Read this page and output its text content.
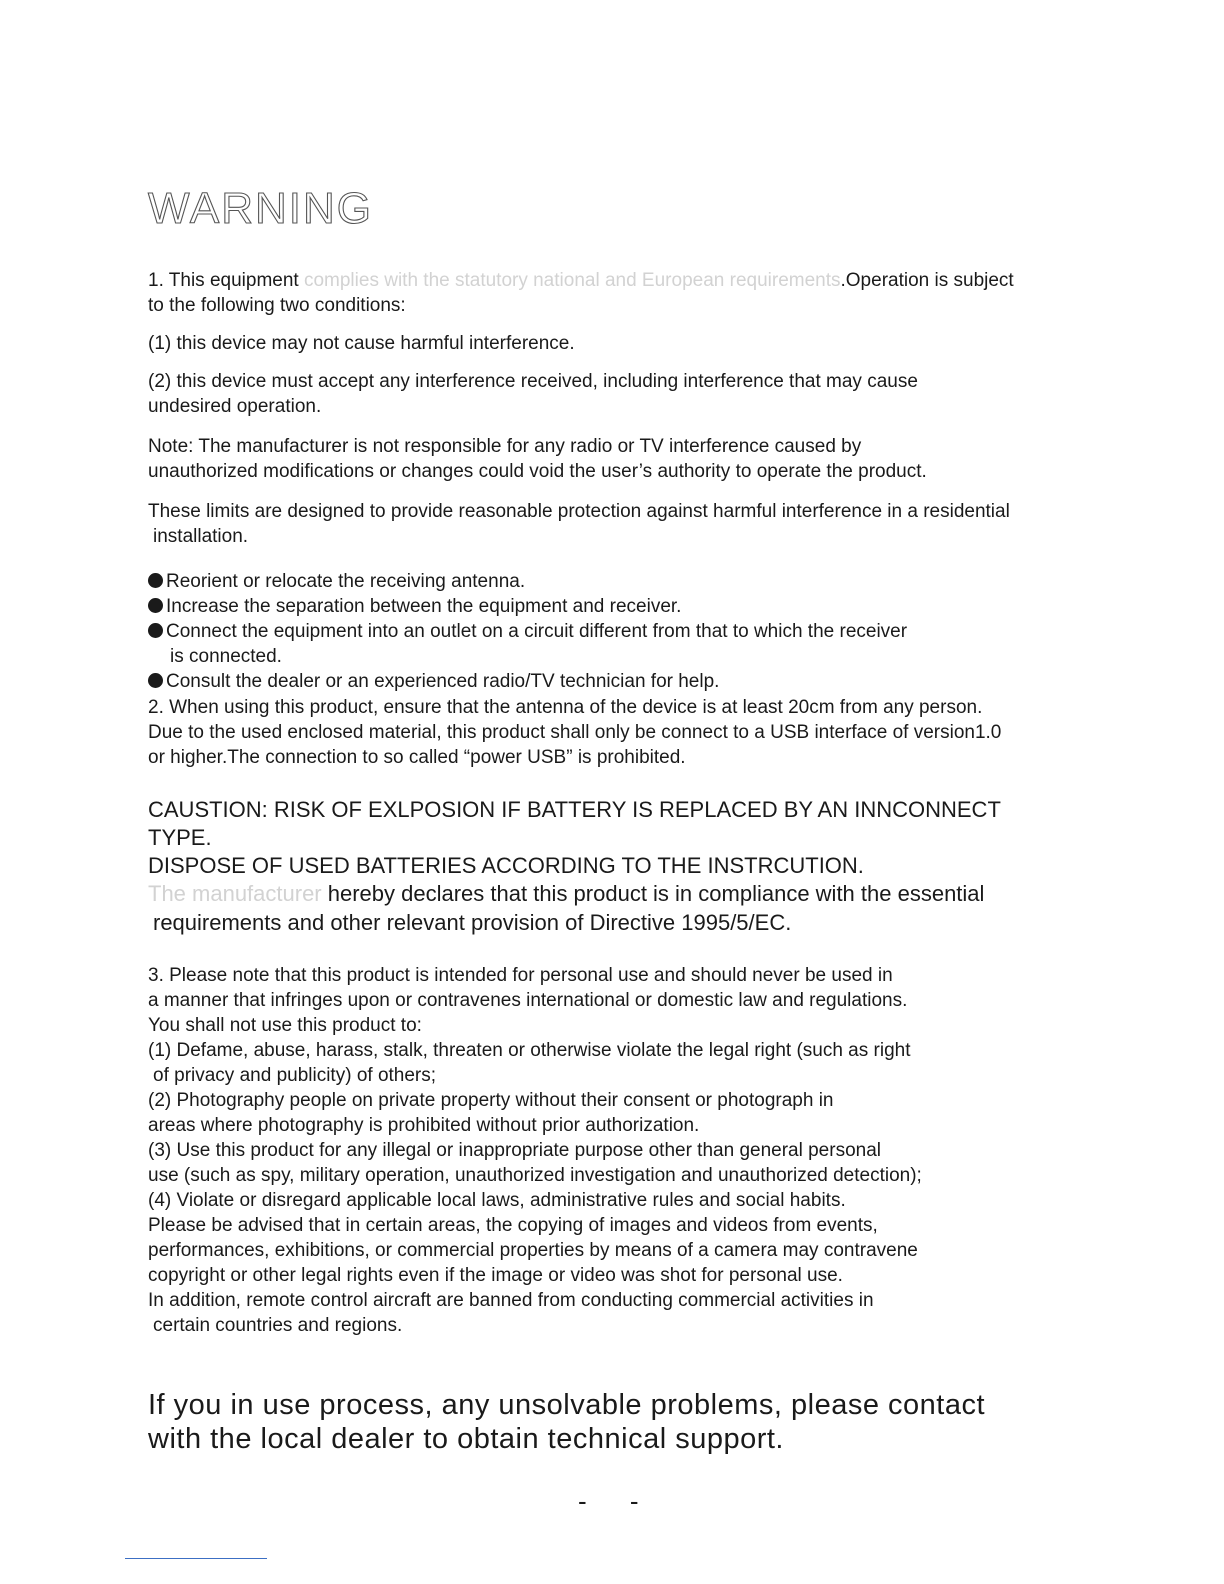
WARNING

1. This equipment complies with the statutory national and European requirements.Operation is subject
to the following two conditions:

(1) this device may not cause harmful interference.

(2) this device must accept any interference received, including interference that may cause
undesired operation.

Note: The manufacturer is not responsible for any radio or TV interference caused by
unauthorized modifications or changes could void the user’s authority to operate the product.

These limits are designed to provide reasonable protection against harmful interference in a residential
installation.

Reorient or relocate the receiving antenna.
Increase the separation between the equipment and receiver.
Connect the equipment into an outlet on a circuit different from that to which the receiver
is connected.
Consult the dealer or an experienced radio/TV technician for help.

2. When using this product, ensure that the antenna of the device is at least 20cm from any person.
Due to the used enclosed material, this product shall only be connect to a USB interface of version1.0
or higher.The connection to so called “power USB” is prohibited.

CAUSTION: RISK OF EXLPOSION IF BATTERY IS REPLACED BY AN INNCONNECT TYPE.
DISPOSE OF USED BATTERIES ACCORDING TO THE INSTRCUTION.

The manufacturer hereby declares that this product is in compliance with the essential
requirements and other relevant provision of Directive 1995/5/EC.

3. Please note that this product is intended for personal use and should never be used in
a manner that infringes upon or contravenes international or domestic law and regulations.
You shall not use this product to:
(1) Defame, abuse, harass, stalk, threaten or otherwise violate the legal right (such as right
of privacy and publicity) of others;
(2) Photography people on private property without their consent or photograph in
areas where photography is prohibited without prior authorization.
(3) Use this product for any illegal or inappropriate purpose other than general personal
use (such as spy, military operation, unauthorized investigation and unauthorized detection);
(4) Violate or disregard applicable local laws, administrative rules and social habits.
Please be advised that in certain areas, the copying of images and videos from events,
performances, exhibitions, or commercial properties by means of a camera may contravene
copyright or other legal rights even if the image or video was shot for personal use.
In addition, remote control aircraft are banned from conducting commercial activities in
certain countries and regions.

If you in use process, any unsolvable problems, please contact
with the local dealer to obtain technical support.

- -
